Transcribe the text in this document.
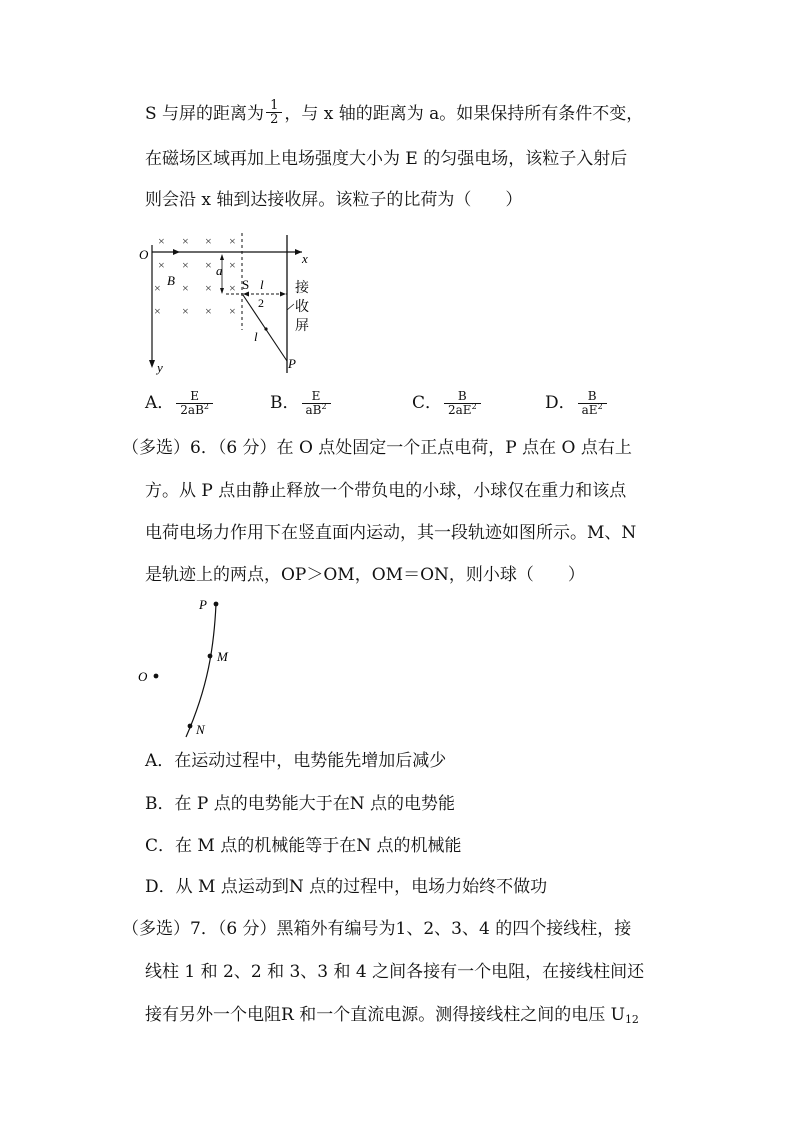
S 与屏的距离为 $\frac{1}{2}$ ，与 x 轴的距离为 a。如果保持所有条件不变，
在磁场区域再加上电场强度大小为 E 的匀强电场，该粒子入射后
则会沿 x 轴到达接收屏。该粒子的比荷为（　　）
× × × ×
× × × ×
× × × ×
× × × ×
O	x
y
B
a
S l
2
l
P
接
收
屏
A． $\frac{E}{2aB^2}$	B． $\frac{E}{aB^2}$	C． $\frac{B}{2aE^2}$	D． $\frac{B}{aE^2}$
（多选）6．（6 分）在 O 点处固定一个正点电荷，P 点在 O 点右上
方。从 P 点由静止释放一个带负电的小球，小球仅在重力和该点
电荷电场力作用下在竖直面内运动，其一段轨迹如图所示。M、N
是轨迹上的两点，OP＞OM，OM＝ON，则小球（　　）
P
M
O
N
A．在运动过程中，电势能先增加后减少
B．在 P 点的电势能大于在N 点的电势能
C．在 M 点的机械能等于在N 点的机械能
D．从 M 点运动到N 点的过程中，电场力始终不做功
（多选）7．（6 分）黑箱外有编号为1、2、3、4 的四个接线柱，接
线柱 1 和 2、2 和 3、3 和 4 之间各接有一个电阻，在接线柱间还
接有另外一个电阻R 和一个直流电源。测得接线柱之间的电压 $U_{12}$
